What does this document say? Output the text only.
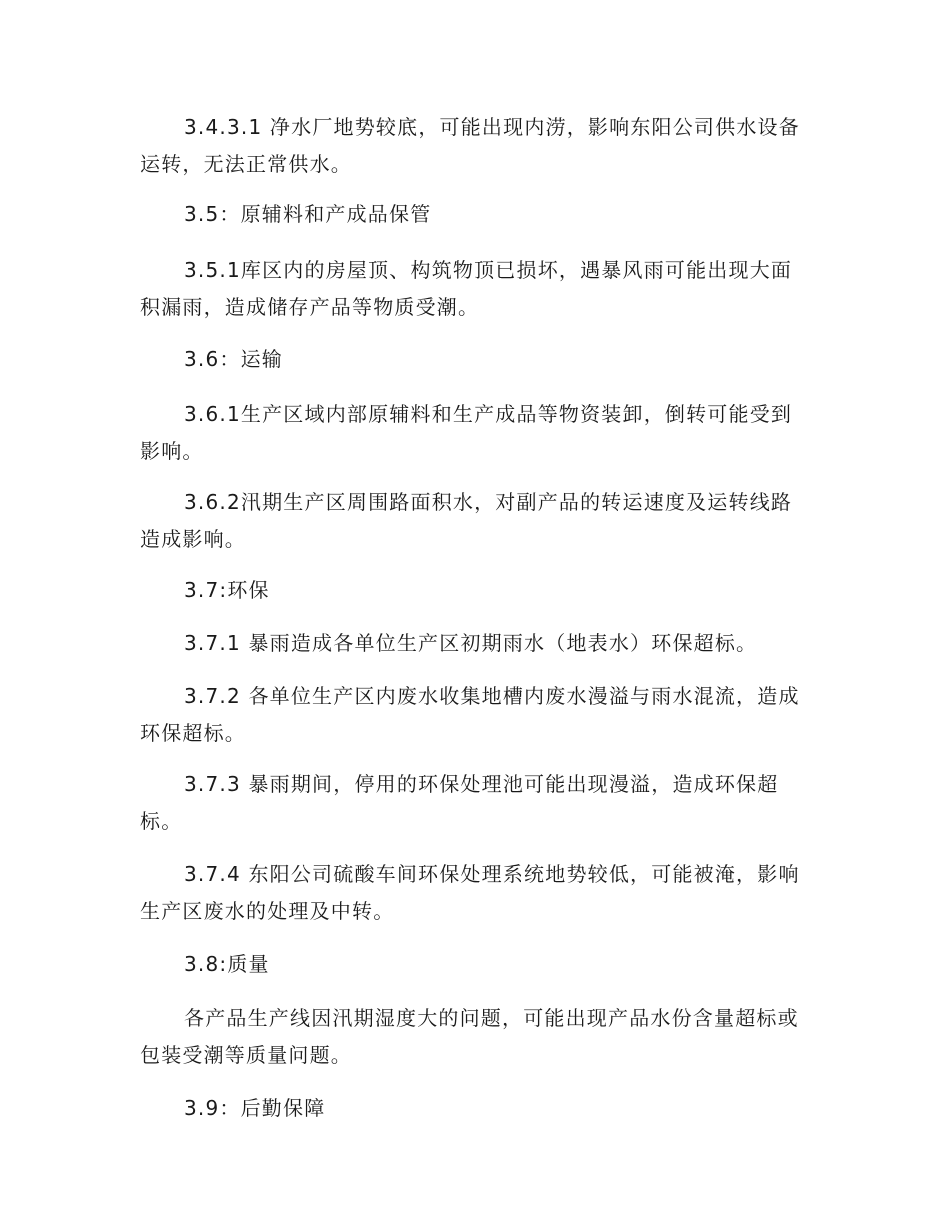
3.4.3.1 净水厂地势较底，可能出现内涝，影响东阳公司供水设备运转，无法正常供水。

3.5：原辅料和产成品保管

3.5.1库区内的房屋顶、构筑物顶已损坏，遇暴风雨可能出现大面积漏雨，造成储存产品等物质受潮。

3.6：运输

3.6.1生产区域内部原辅料和生产成品等物资装卸，倒转可能受到影响。

3.6.2汛期生产区周围路面积水，对副产品的转运速度及运转线路造成影响。

3.7:环保

3.7.1 暴雨造成各单位生产区初期雨水（地表水）环保超标。

3.7.2 各单位生产区内废水收集地槽内废水漫溢与雨水混流，造成环保超标。

3.7.3 暴雨期间，停用的环保处理池可能出现漫溢，造成环保超标。

3.7.4 东阳公司硫酸车间环保处理系统地势较低，可能被淹，影响生产区废水的处理及中转。

3.8:质量

各产品生产线因汛期湿度大的问题，可能出现产品水份含量超标或包装受潮等质量问题。

3.9：后勤保障
